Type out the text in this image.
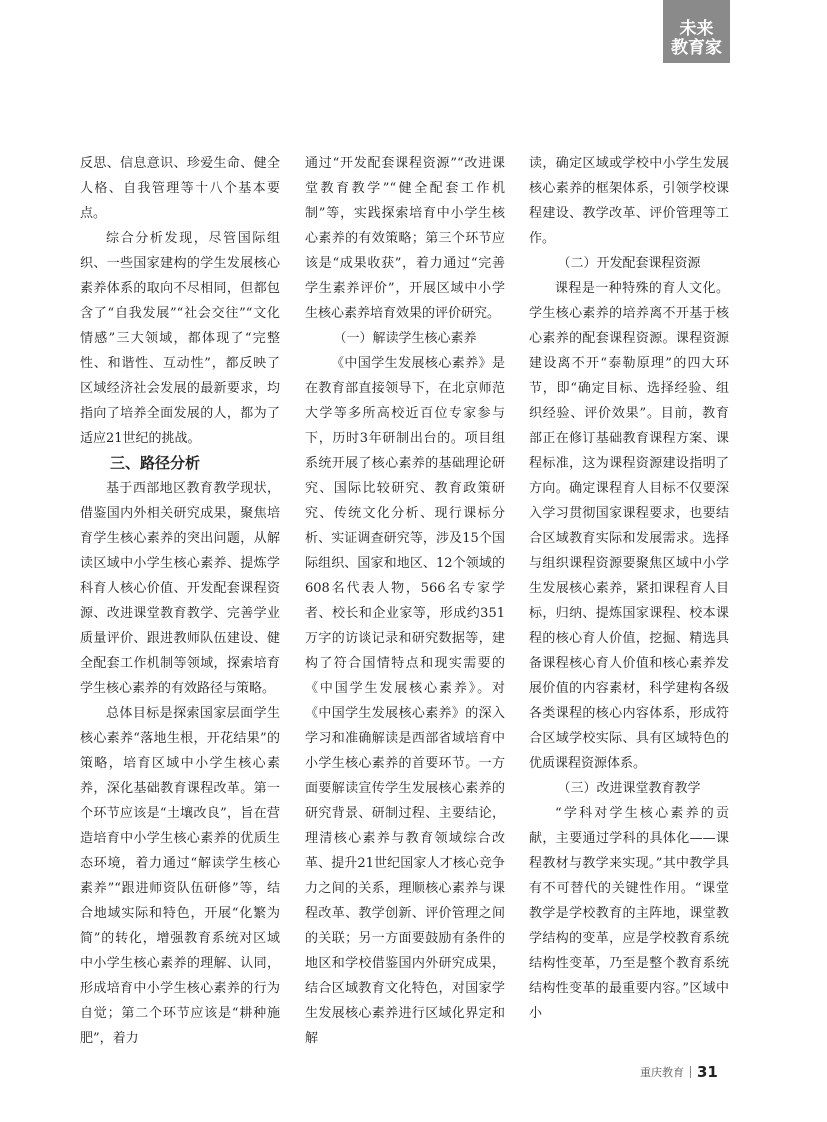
未来
教育家

反思、信息意识、珍爱生命、健全人格、自我管理等十八个基本要点。

综合分析发现，尽管国际组织、一些国家建构的学生发展核心素养体系的取向不尽相同，但都包含了“自我发展”“社会交往”“文化情感”三大领域，都体现了“完整性、和谐性、互动性”，都反映了区域经济社会发展的最新要求，均指向了培养全面发展的人，都为了适应21世纪的挑战。

三、路径分析

基于西部地区教育教学现状，借鉴国内外相关研究成果，聚焦培育学生核心素养的突出问题，从解读区域中小学生核心素养、提炼学科育人核心价值、开发配套课程资源、改进课堂教育教学、完善学业质量评价、跟进教师队伍建设、健全配套工作机制等领域，探索培育学生核心素养的有效路径与策略。

总体目标是探索国家层面学生核心素养“落地生根，开花结果”的策略，培育区域中小学生核心素养，深化基础教育课程改革。第一个环节应该是“土壤改良”，旨在营造培育中小学生核心素养的优质生态环境，着力通过“解读学生核心素养”“跟进师资队伍研修”等，结合地域实际和特色，开展“化繁为简”的转化，增强教育系统对区域中小学生核心素养的理解、认同，形成培育中小学生核心素养的行为自觉；第二个环节应该是“耕种施肥”，着力

通过“开发配套课程资源”“改进课堂教育教学”“健全配套工作机制”等，实践探索培育中小学生核心素养的有效策略；第三个环节应该是“成果收获”，着力通过“完善学生素养评价”，开展区域中小学生核心素养培育效果的评价研究。

（一）解读学生核心素养

《中国学生发展核心素养》是在教育部直接领导下，在北京师范大学等多所高校近百位专家参与下，历时3年研制出台的。项目组系统开展了核心素养的基础理论研究、国际比较研究、教育政策研究、传统文化分析、现行课标分析、实证调查研究等，涉及15个国际组织、国家和地区、12个领域的608名代表人物，566名专家学者、校长和企业家等，形成约351万字的访谈记录和研究数据等，建构了符合国情特点和现实需要的《中国学生发展核心素养》。对《中国学生发展核心素养》的深入学习和准确解读是西部省域培育中小学生核心素养的首要环节。一方面要解读宣传学生发展核心素养的研究背景、研制过程、主要结论，理清核心素养与教育领域综合改革、提升21世纪国家人才核心竞争力之间的关系，理顺核心素养与课程改革、教学创新、评价管理之间的关联；另一方面要鼓励有条件的地区和学校借鉴国内外研究成果，结合区域教育文化特色，对国家学生发展核心素养进行区域化界定和解

读，确定区域或学校中小学生发展核心素养的框架体系，引领学校课程建设、教学改革、评价管理等工作。

（二）开发配套课程资源

课程是一种特殊的育人文化。学生核心素养的培养离不开基于核心素养的配套课程资源。课程资源建设离不开“泰勒原理”的四大环节，即“确定目标、选择经验、组织经验、评价效果”。目前，教育部正在修订基础教育课程方案、课程标准，这为课程资源建设指明了方向。确定课程育人目标不仅要深入学习贯彻国家课程要求，也要结合区域教育实际和发展需求。选择与组织课程资源要聚焦区域中小学生发展核心素养，紧扣课程育人目标，归纳、提炼国家课程、校本课程的核心育人价值，挖掘、精选具备课程核心育人价值和核心素养发展价值的内容素材，科学建构各级各类课程的核心内容体系，形成符合区域学校实际、具有区域特色的优质课程资源体系。

（三）改进课堂教育教学

“学科对学生核心素养的贡献，主要通过学科的具体化——课程教材与教学来实现。”其中教学具有不可替代的关键性作用。“课堂教学是学校教育的主阵地，课堂教学结构的变革，应是学校教育系统结构性变革，乃至是整个教育系统结构性变革的最重要内容。”区域中小

重庆教育 31
